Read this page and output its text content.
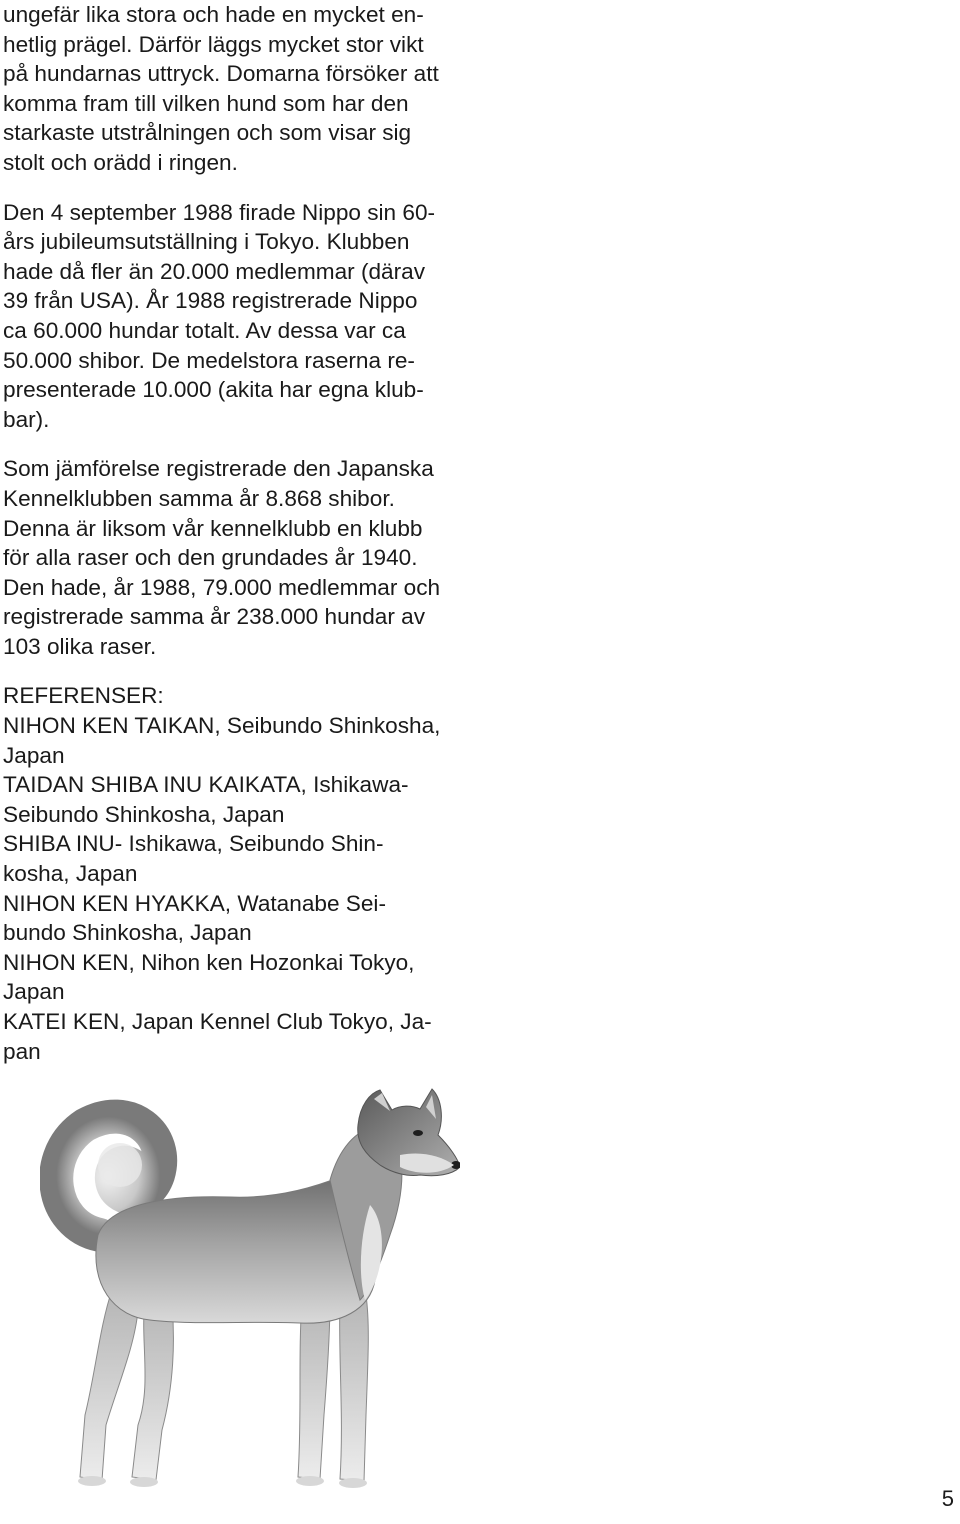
ungefär lika stora och hade en mycket en-
hetlig prägel. Därför läggs mycket stor vikt
på hundarnas uttryck. Domarna försöker att
komma fram till vilken hund som har den
starkaste utstrålningen och som visar sig
stolt och orädd i ringen.
Den 4 september 1988 firade Nippo sin 60-
års jubileumsutställning i Tokyo. Klubben
hade då fler än 20.000 medlemmar (därav
39 från USA). År 1988 registrerade Nippo
ca 60.000 hundar totalt. Av dessa var ca
50.000 shibor. De medelstora raserna re-
presenterade 10.000 (akita har egna klub-
bar).
Som jämförelse registrerade den Japanska
Kennelklubben samma år 8.868 shibor.
Denna är liksom vår kennelklubb en klubb
för alla raser och den grundades år 1940.
Den hade, år 1988, 79.000 medlemmar och
registrerade samma år 238.000 hundar av
103 olika raser.
REFERENSER:
NIHON KEN TAIKAN, Seibundo Shinkosha,
Japan
TAIDAN SHIBA INU KAIKATA, Ishikawa-
Seibundo Shinkosha, Japan
SHIBA INU- Ishikawa, Seibundo Shin-
kosha, Japan
NIHON KEN HYAKKA, Watanabe Sei-
bundo Shinkosha, Japan
NIHON KEN, Nihon ken Hozonkai Tokyo,
Japan
KATEI KEN, Japan Kennel Club Tokyo, Ja-
pan
5
